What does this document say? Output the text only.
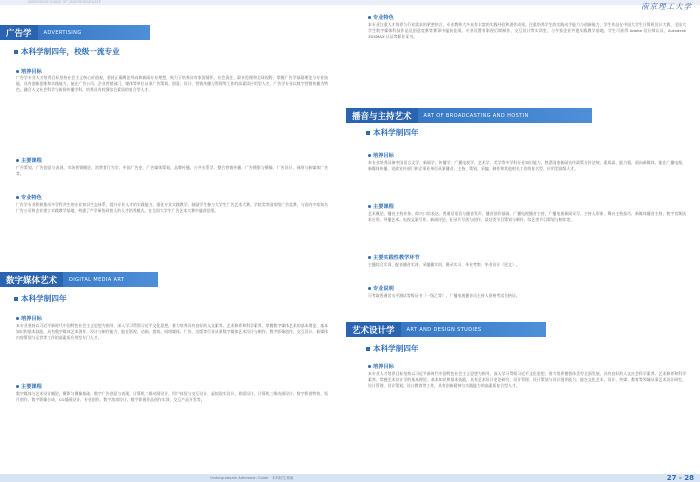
ADMISSION GUIDE OF UNDERGRADUATE	南京理工大学
广告学	ADVERTISING
本科学制四年，校级一流专业
培养目标
广告学专业人才培养目标坚持社会主义核心价值观，坚持正确舆论导向和新闻专业理想，致力于培养具有家国情怀、社会责任、职业伦理和全球视野，掌握广告学基础理论与专业技能，具有创新思维和实践能力，能在广告公司、企业营销部门、媒体等单位从事广告策划、创意、设计、营销传播与管理等工作的高素质应用型人才。广告学专业以数字营销传播为特色，融合人文社会科学与新闻传播学科，培养具有较强综合素质的复合型人才。
主要课程
广告策划、广告创意与表现、市场营销概论、消费者行为学、中国广告史、广告媒体策划、品牌传播、公共关系学、整合营销传播、广告摄影与摄像、广告设计、网络与新媒体广告等。
专业特色
广告学专业积极推动多学科共生的专业知识生态体系，提升专业人才的实践能力，强化专业实践教学，鼓励学生参与大学生广告艺术大赛、学院奖等国家级广告竞赛，与国内多家知名广告公司和企业建立实践教学基地，构建了产学研协同育人的人才培养模式，在全国大学生广告艺术大赛中屡获佳绩。
数字媒体艺术	DIGITAL MEDIA ART
本科学制四年
培养目标
本专业坚持以习近平新时代中国特色社会主义思想为指导，深入学习贯彻习近平文化思想，着力培养具有良好的人文素养、艺术修养和科学素养，掌握数字媒体艺术的基本理论、基本知识和基本技能，具有数字媒体艺术创作、设计与制作能力，能在影视、动画、游戏、网络媒体、广告、出版等行业从事数字媒体艺术设计与制作、数字影像创作、交互设计、新媒体内容策划与运营等工作的高素质应用型专门人才。
主要课程
数字媒体与艺术设计概论、摄影与摄像基础、数字广告创意与表现、计算机二维动画设计、用户体验与交互设计、虚拟现实设计、界面设计、计算机三维动画设计、数字影视特效、短片创作、数字影像合成、CG插画设计、专业创作、数字游戏设计、数字影视作品创作实训、交互产品开发等。
专业特色
本专业注重人才培养与行业需求的紧密结合，专业教师大多具有丰富的实践经验和创作成果。注重培养学生的实践动手能力与创新能力，学生作品在中国大学生计算机设计大赛、全国大学生数字媒体科技作品及创意竞赛等赛事中屡获佳绩。专业设置有影视后期制作、交互设计等实训室，与多家企业共建实践教学基地，学生可获得 Adobe 设计师认证、Autodesk 3DSMAX 认证等职业证书。
播音与主持艺术	ART OF BROADCASTING AND HOSTIN
本科学制四年
培养目标
本专业培养具备中国语言文学、新闻学、传播学、广播电视学、艺术学、美学等多学科专业知识能力，熟悉国家新闻宣传政策方针法规，素质高、能力强，面向新媒体、能在广播电视、新媒体传播、党政宣传部门和企事业单位从事播音、主持、策划、采编、制作和其他相关工作的复合型、应用型高级人才。
主要课程
艺术概论、播音主持业务、即兴口语表达、普通话语音与播音发声、播音创作基础、广播电视播音主持、广播电视新闻采写、主持人形象、舞台主持技巧、新媒体播音主持、数字音频技术应用、导播艺术、电视文案写作、新闻评论、纪录片写创与创作、谈话类节目策划与制作、综艺类节目策划与制作等。
主要实践性教学环节
主播综合实训、配音播音实训、采编播实训、摄录实习、毕业考察、毕业设计（论文）。
专业说明
可考取普通话水平测试等级证书（一级乙等），广播电视播音员主持人资格考试合格证。
艺术设计学	ART AND DESIGN STUDIES
本科学制四年
培养目标
本专业人才培养目标坚持以习近平新时代中国特色社会主义思想为指导，深入学习贯彻习近平文化思想，着力培养德智体美劳全面发展，具有良好的人文社会科学素养、艺术修养和科学素养，掌握艺术设计学的基本理论、基本知识和基本技能，具有艺术设计史论研究、设计管理、设计策划与设计批评能力，能在文化艺术、设计、传媒、教育等领域从事艺术设计研究、设计管理、设计策划、设计教育等工作，具有创新精神与实践能力的高素质复合型人才。
Undergraduate Admission Guide · 本科招生指南	27 - 28
